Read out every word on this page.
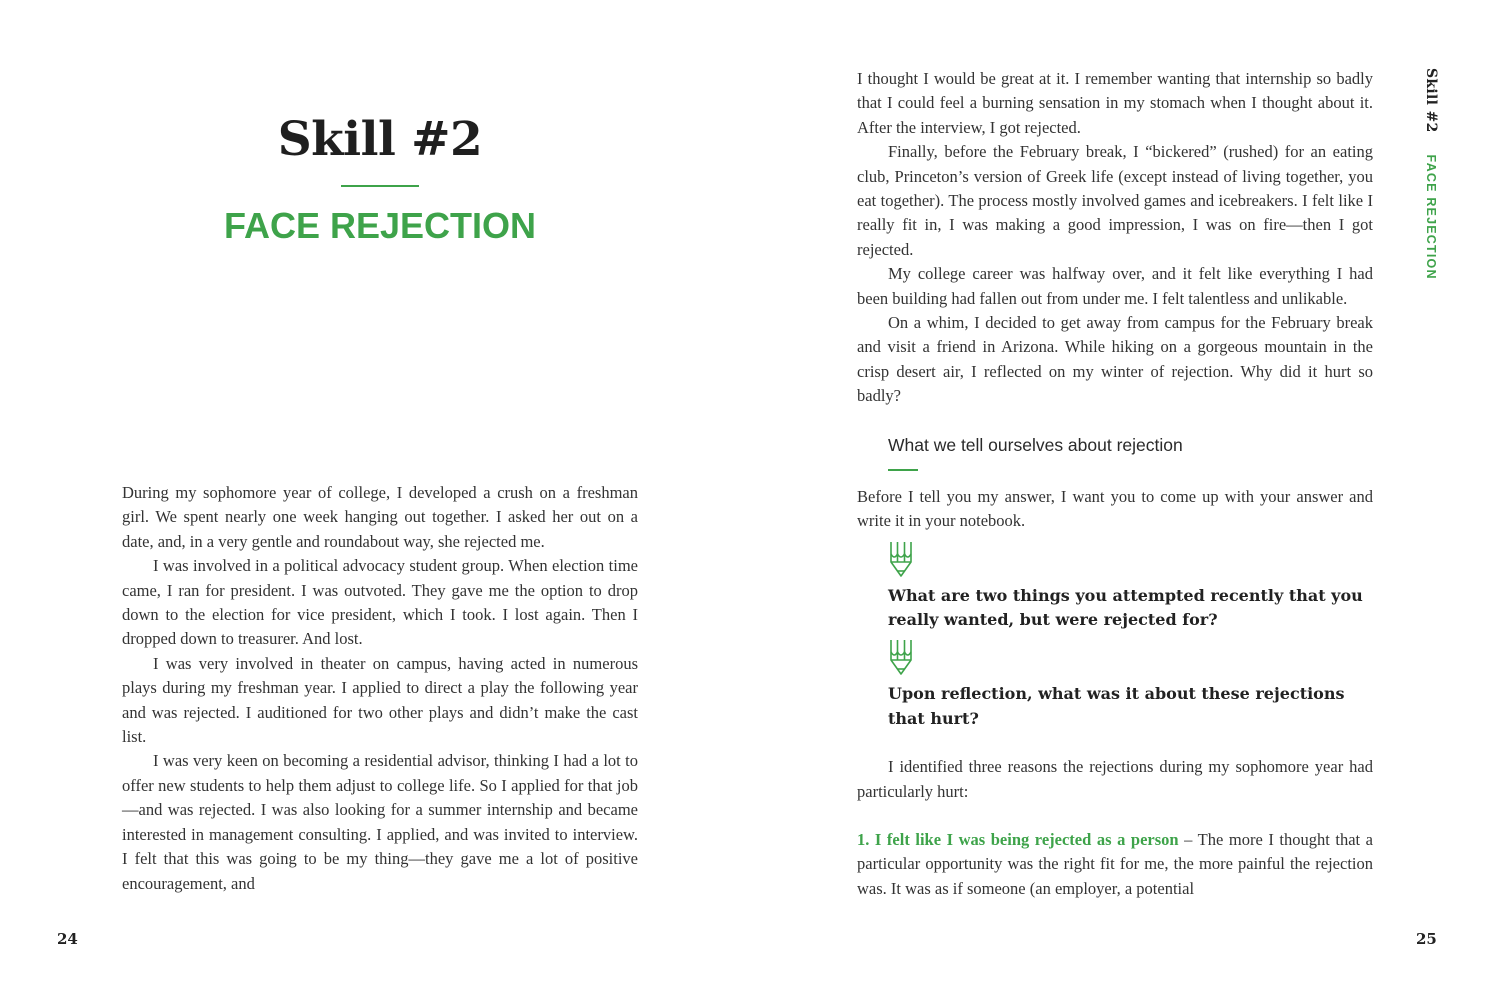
Skill #2
FACE REJECTION

During my sophomore year of college, I developed a crush on a freshman girl. We spent nearly one week hanging out together. I asked her out on a date, and, in a very gentle and roundabout way, she rejected me.

I was involved in a political advocacy student group. When election time came, I ran for president. I was outvoted. They gave me the option to drop down to the election for vice president, which I took. I lost again. Then I dropped down to treasurer. And lost.

I was very involved in theater on campus, having acted in numerous plays during my freshman year. I applied to direct a play the following year and was rejected. I auditioned for two other plays and didn’t make the cast list.

I was very keen on becoming a residential advisor, thinking I had a lot to offer new students to help them adjust to college life. So I applied for that job—and was rejected. I was also looking for a summer internship and became interested in management consulting. I applied, and was invited to interview. I felt that this was going to be my thing—they gave me a lot of positive encouragement, and

24

I thought I would be great at it. I remember wanting that internship so badly that I could feel a burning sensation in my stomach when I thought about it. After the interview, I got rejected.

Finally, before the February break, I “bickered” (rushed) for an eating club, Princeton’s version of Greek life (except instead of living together, you eat together). The process mostly involved games and icebreakers. I felt like I really fit in, I was making a good impression, I was on fire—then I got rejected.

My college career was halfway over, and it felt like everything I had been building had fallen out from under me. I felt talentless and unlikable.

On a whim, I decided to get away from campus for the February break and visit a friend in Arizona. While hiking on a gorgeous mountain in the crisp desert air, I reflected on my winter of rejection. Why did it hurt so badly?

What we tell ourselves about rejection

Before I tell you my answer, I want you to come up with your answer and write it in your notebook.

What are two things you attempted recently that you really wanted, but were rejected for?

Upon reflection, what was it about these rejections that hurt?

I identified three reasons the rejections during my sophomore year had particularly hurt:

1. I felt like I was being rejected as a person – The more I thought that a particular opportunity was the right fit for me, the more painful the rejection was. It was as if someone (an employer, a potential

Skill #2FACE REJECTION
25
